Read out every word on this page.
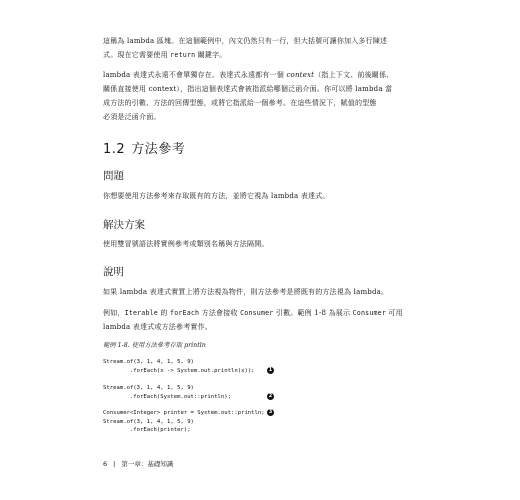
這稱為 lambda 區塊。在這個範例中，內文仍然只有一行，但大括號可讓你加入多行陳述
式。現在它需要使用 return 關鍵字。
lambda 表達式永遠不會單獨存在。表達式永遠都有一個 context（指上下文、前後關係、
關係直接使用 context），指出這個表達式會被指派給哪個泛函介面。你可以將 lambda 當
成方法的引數、方法的回傳型態，或將它指派給一個參考。在這些情況下，賦值的型態
必須是泛函介面。
1.2 方法參考
問題
你想要使用方法參考來存取既有的方法，並將它視為 lambda 表達式。
解決方案
使用雙冒號語法將實例參考或類別名稱與方法隔開。
說明
如果 lambda 表達式實質上將方法視為物件，則方法參考是將既有的方法視為 lambda。
例如，Iterable 的 forEach 方法會接收 Consumer 引數。範例 1-8 為展示 Consumer 可用
lambda 表達式或方法參考實作。
範例 1-8. 使用方法參考存取 println
Stream.of(3, 1, 4, 1, 5, 9)
.forEach(x -> System.out.println(x));	1
Stream.of(3, 1, 4, 1, 5, 9)
.forEach(System.out::println);	2
Consumer<Integer> printer = System.out::println;
Stream.of(3, 1, 4, 1, 5, 9)
.forEach(printer);
3
6 | 第一章：基礎知識
